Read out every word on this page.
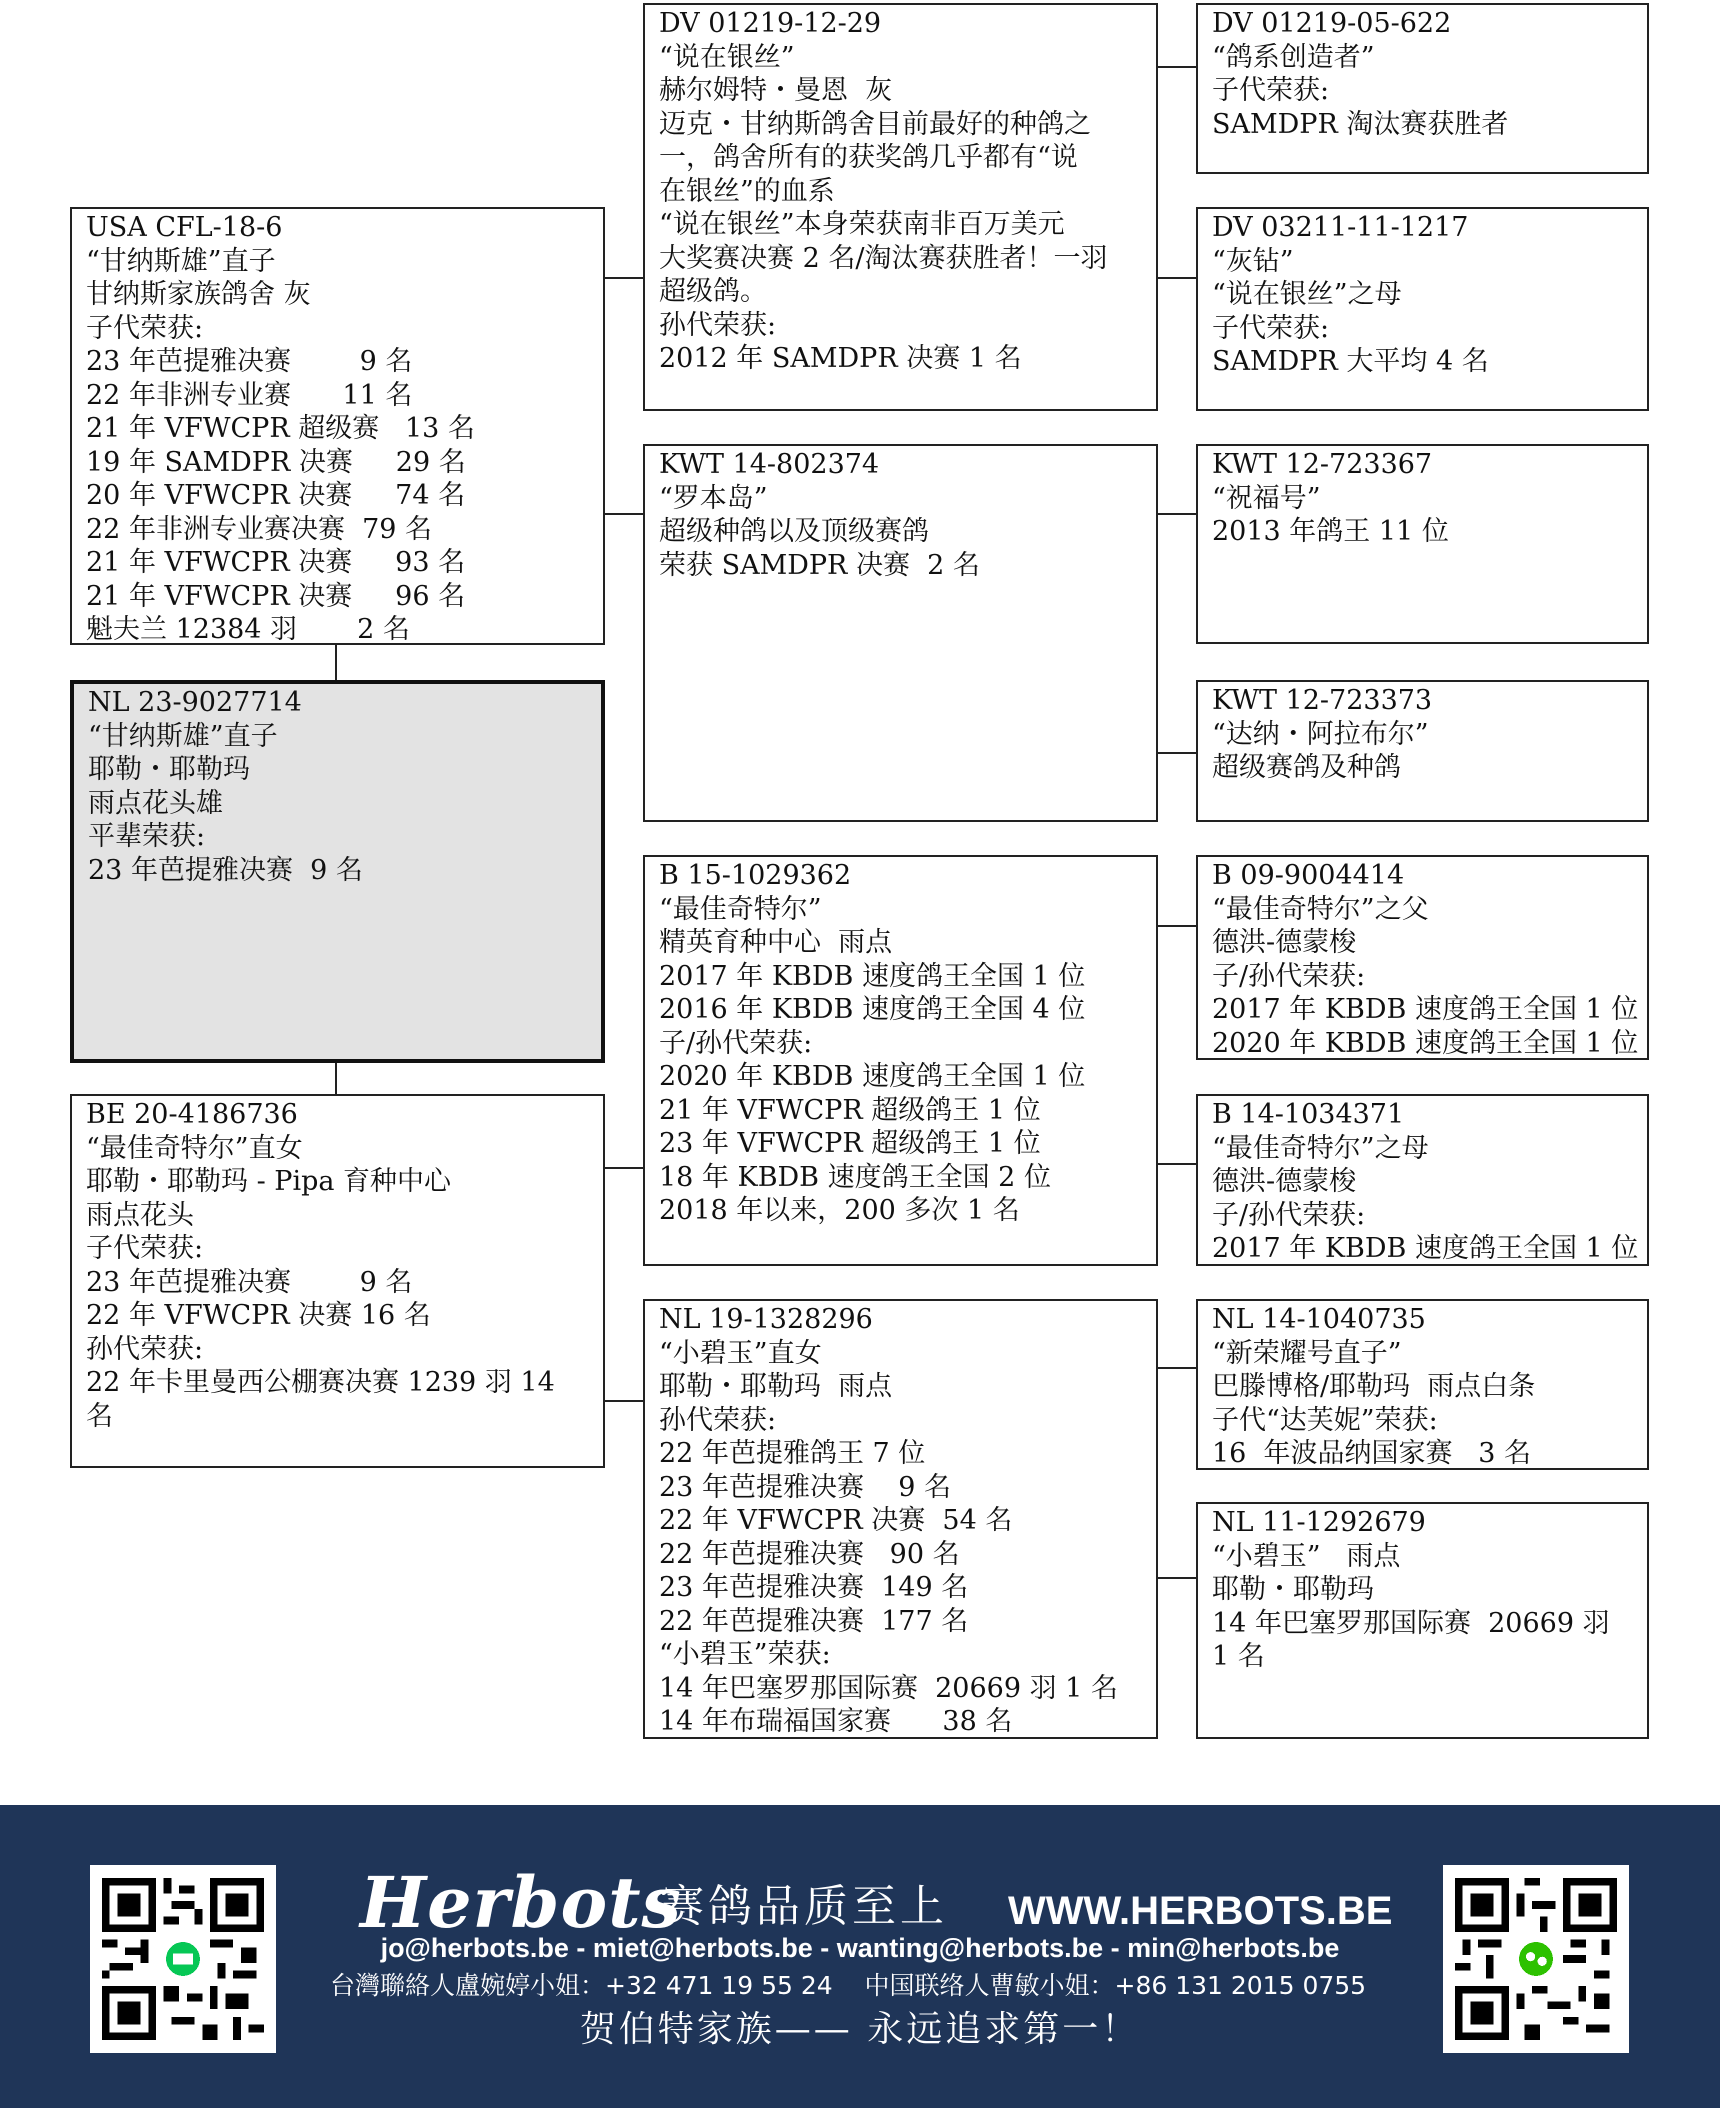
USA CFL-18-6
“甘纳斯雄”直子
甘纳斯家族鸽舍 灰
子代荣获:
23 年芭提雅决赛        9 名
22 年非洲专业赛      11 名
21 年 VFWCPR 超级赛   13 名
19 年 SAMDPR 决赛     29 名
20 年 VFWCPR 决赛     74 名
22 年非洲专业赛决赛  79 名
21 年 VFWCPR 决赛     93 名
21 年 VFWCPR 决赛     96 名
魁夫兰 12384 羽       2 名
NL 23-9027714
“甘纳斯雄”直子
耶勒・耶勒玛
雨点花头雄
平辈荣获:
23 年芭提雅决赛  9 名
BE 20-4186736
“最佳奇特尔”直女
耶勒・耶勒玛 - Pipa 育种中心
雨点花头
子代荣获:
23 年芭提雅决赛        9 名
22 年 VFWCPR 决赛 16 名
孙代荣获:
22 年卡里曼西公棚赛决赛 1239 羽 14
名
DV 01219-12-29
“说在银丝”
赫尔姆特・曼恩  灰
迈克・甘纳斯鸽舍目前最好的种鸽之
一，鸽舍所有的获奖鸽几乎都有“说
在银丝”的血系
“说在银丝”本身荣获南非百万美元
大奖赛决赛 2 名/淘汰赛获胜者！一羽
超级鸽。
孙代荣获:
2012 年 SAMDPR 决赛 1 名
KWT 14-802374
“罗本岛”
超级种鸽以及顶级赛鸽
荣获 SAMDPR 决赛  2 名
B 15-1029362
“最佳奇特尔”
精英育种中心  雨点
2017 年 KBDB 速度鸽王全国 1 位
2016 年 KBDB 速度鸽王全国 4 位
子/孙代荣获:
2020 年 KBDB 速度鸽王全国 1 位
21 年 VFWCPR 超级鸽王 1 位
23 年 VFWCPR 超级鸽王 1 位
18 年 KBDB 速度鸽王全国 2 位
2018 年以来，200 多次 1 名
NL 19-1328296
“小碧玉”直女
耶勒・耶勒玛  雨点
孙代荣获:
22 年芭提雅鸽王 7 位
23 年芭提雅决赛    9 名
22 年 VFWCPR 决赛  54 名
22 年芭提雅决赛   90 名
23 年芭提雅决赛  149 名
22 年芭提雅决赛  177 名
“小碧玉”荣获:
14 年巴塞罗那国际赛  20669 羽 1 名
14 年布瑞福国家赛      38 名
DV 01219-05-622
“鸽系创造者”
子代荣获:
SAMDPR 淘汰赛获胜者
DV 03211-11-1217
“灰钻”
“说在银丝”之母
子代荣获:
SAMDPR 大平均 4 名
KWT 12-723367
“祝福号”
2013 年鸽王 11 位
KWT 12-723373
“达纳・阿拉布尔”
超级赛鸽及种鸽
B 09-9004414
“最佳奇特尔”之父
德洪-德蒙梭
子/孙代荣获:
2017 年 KBDB 速度鸽王全国 1 位
2020 年 KBDB 速度鸽王全国 1 位
B 14-1034371
“最佳奇特尔”之母
德洪-德蒙梭
子/孙代荣获:
2017 年 KBDB 速度鸽王全国 1 位
NL 14-1040735
“新荣耀号直子”
巴滕博格/耶勒玛  雨点白条
子代“达芙妮”荣获:
16  年波品纳国家赛   3 名
NL 11-1292679
“小碧玉”   雨点
耶勒・耶勒玛
14 年巴塞罗那国际赛  20669 羽
1 名
Herbots
赛鸽品质至上 WWW.HERBOTS.BE
jo@herbots.be - miet@herbots.be - wanting@herbots.be - min@herbots.be
台灣聯絡人盧婉婷小姐：+32 471 19 55 24 中国联络人曹敏小姐：+86 131 2015 0755
贺伯特家族—— 永远追求第一！
